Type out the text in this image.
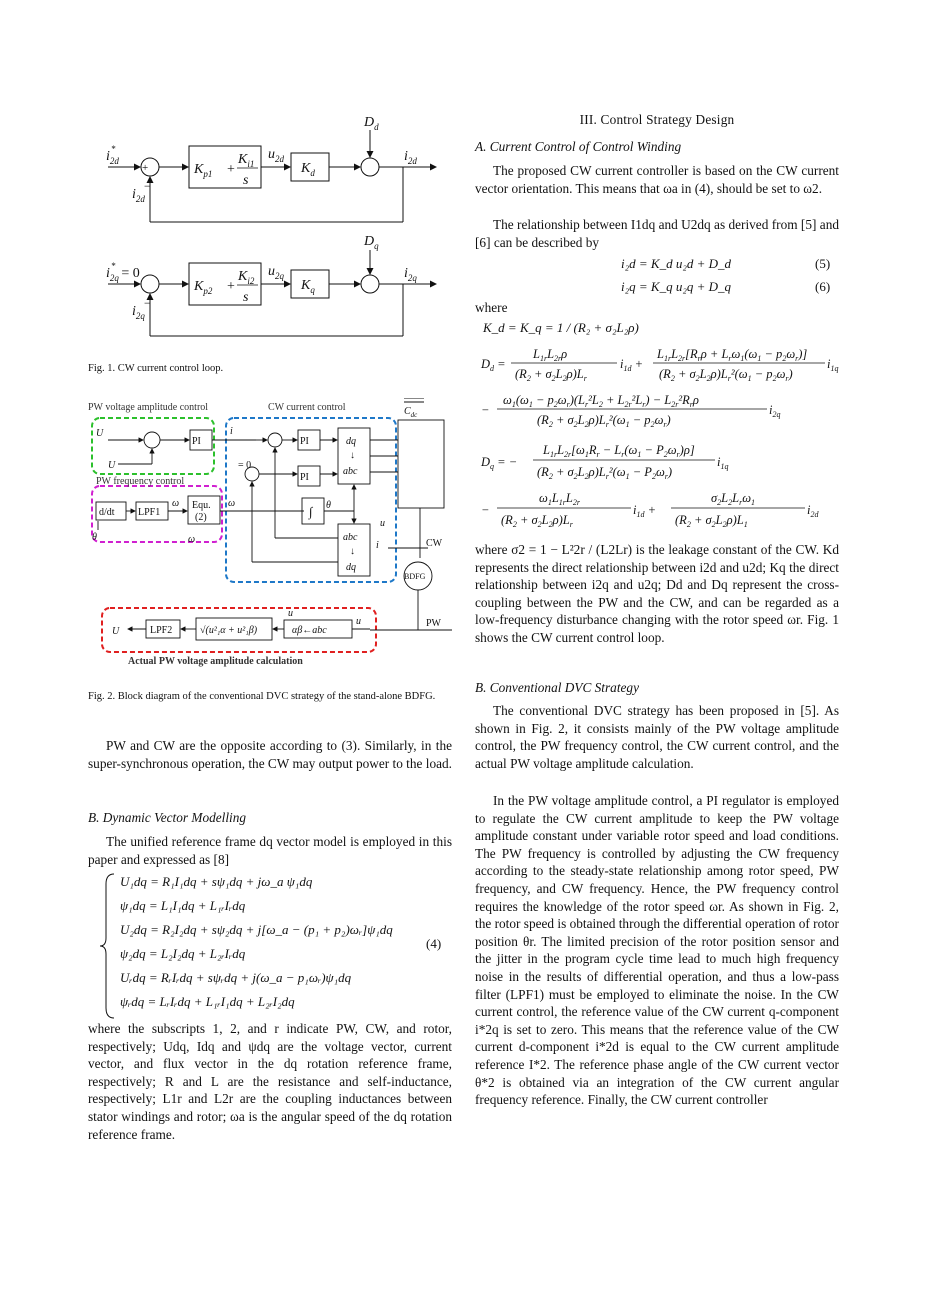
$D_d$
$i_{2d}*$
+	$K_{p1}$ +
$K_{i1}$
s
$u_{2d}$
$K_d$
$i_{2d}$
$i_{2d}$
−
$D_q$
$i_{2q}* = 0$
$K_{p2}$ +
$K_{i2}$
s
$u_{2q}$
$K_q$
$i_{2q}$
$i_{2q}$
−
Fig. 1. CW current control loop.
PW voltage amplitude control	CW current control
PW frequency control
Actual PW voltage amplitude calculation
PI	PI
PI
d/dt LPF1
Equ.
(2)	∫
dq
↓
abc
abc
↓
dq
LPF2	√(u²₁α + u²₁β)	αβ←abc
CW
PW
BDFG
$C_{dc}$
U
U
U
θ
ω
ω
ω	θ
i
= 0
u
i
u
u
Fig. 2. Block diagram of the conventional DVC strategy of the stand-alone BDFG.

PW and CW are the opposite according to (3). Similarly, in the super-synchronous operation, the CW may output power to the load.

B. Dynamic Vector Modelling

The unified reference frame dq vector model is employed in this paper and expressed as [8]

U₁dq = R₁I₁dq + sψ₁dq + jω_a ψ₁dq
ψ₁dq = L₁I₁dq + L₁ᵣIᵣdq
U₂dq = R₂I₂dq + sψ₂dq + j[ω_a − (p₁ + p₂)ωᵣ]ψ₁dq
ψ₂dq = L₂I₂dq + L₂ᵣIᵣdq
Uᵣdq = RᵣIᵣdq + sψᵣdq + j(ω_a − p₁ωᵣ)ψ₁dq
ψᵣdq = LᵣIᵣdq + L₁ᵣI₁dq + L₂ᵣI₂dq
(4)

where the subscripts 1, 2, and r indicate PW, CW, and rotor, respectively; Udq, Idq and ψdq are the voltage vector, current vector, and flux vector in the dq rotation reference frame, respectively; R and L are the resistance and self-inductance, respectively; L1r and L2r are the coupling inductances between stator windings and rotor; ωa is the angular speed of the dq rotation reference frame.

III. Control Strategy Design
A. Current Control of Control Winding

The proposed CW current controller is based on the CW current vector orientation. This means that ωa in (4), should be set to ω2.

The relationship between I1dq and U2dq as derived from [5] and [6] can be described by

i₂d = K_d u₂d + D_d	(5)
i₂q = K_q u₂q + D_q	(6)
where
K_d = K_q = 1 / (R₂ + σ₂L₂ρ)
$D_d$ =
$L_{1r}L_{2r}\rho$
$(R_2 + \sigma_2L_2\rho)L_r$
$i_{1d}$ +
$L_{1r}L_{2r}[R_r\rho + L_r\omega_1(\omega_1 - p_2\omega_r)]$
$(R_2 + \sigma_2L_2\rho)L_r^2(\omega_1 - p_2\omega_r)$
$i_{1q}$
−
$\omega_1(\omega_1 - p_2\omega_r)(L_r^2L_2 + L_{2r}^2L_r) - L_{2r}^2R_r\rho$
$(R_2 + \sigma_2L_2\rho)L_r^2(\omega_1 - p_2\omega_r)$
$i_{2q}$
$D_q$ = −
$L_{1r}L_{2r}[\omega_1R_r - L_r(\omega_1 - P_2\omega_r)\rho]$
$(R_2 + \sigma_2L_2\rho)L_r^2(\omega_1 - P_2\omega_r)$
$i_{1q}$
−
$\omega_1L_{1r}L_{2r}$
$(R_2 + \sigma_2L_2\rho)L_r$
$i_{1d}$ +
$\sigma_2L_2L_r\omega_1$
$(R_2 + \sigma_2L_2\rho)L_1$
$i_{2d}$

where σ2 = 1 − L²2r / (L2Lr) is the leakage constant of the CW. Kd represents the direct relationship between i2d and u2d; Kq the direct relationship between i2q and u2q; Dd and Dq represent the cross-coupling between the PW and the CW, and can be regarded as a low-frequency disturbance changing with the rotor speed ωr. Fig. 1 shows the CW current control loop.

B. Conventional DVC Strategy

The conventional DVC strategy has been proposed in [5]. As shown in Fig. 2, it consists mainly of the PW voltage amplitude control, the PW frequency control, the CW current control, and the actual PW voltage amplitude calculation.

In the PW voltage amplitude control, a PI regulator is employed to regulate the CW current amplitude to keep the PW voltage amplitude constant under variable rotor speed and load conditions. The PW frequency is controlled by adjusting the CW frequency according to the steady-state relationship among rotor speed, PW frequency, and CW frequency. Hence, the PW frequency control requires the knowledge of the rotor speed ωr. As shown in Fig. 2, the rotor speed is obtained through the differential operation of rotor position θr. The limited precision of the rotor position sensor and the jitter in the program cycle time lead to much high frequency noise in the results of differential operation, and thus a low-pass filter (LPF1) must be employed to eliminate the noise. In the CW current control, the reference value of the CW current q-component i*2q is set to zero. This means that the reference value of the CW current d-component i*2d is equal to the CW current amplitude reference I*2. The reference phase angle of the CW current vector θ*2 is obtained via an integration of the CW current angular frequency reference. Finally, the CW current controller
